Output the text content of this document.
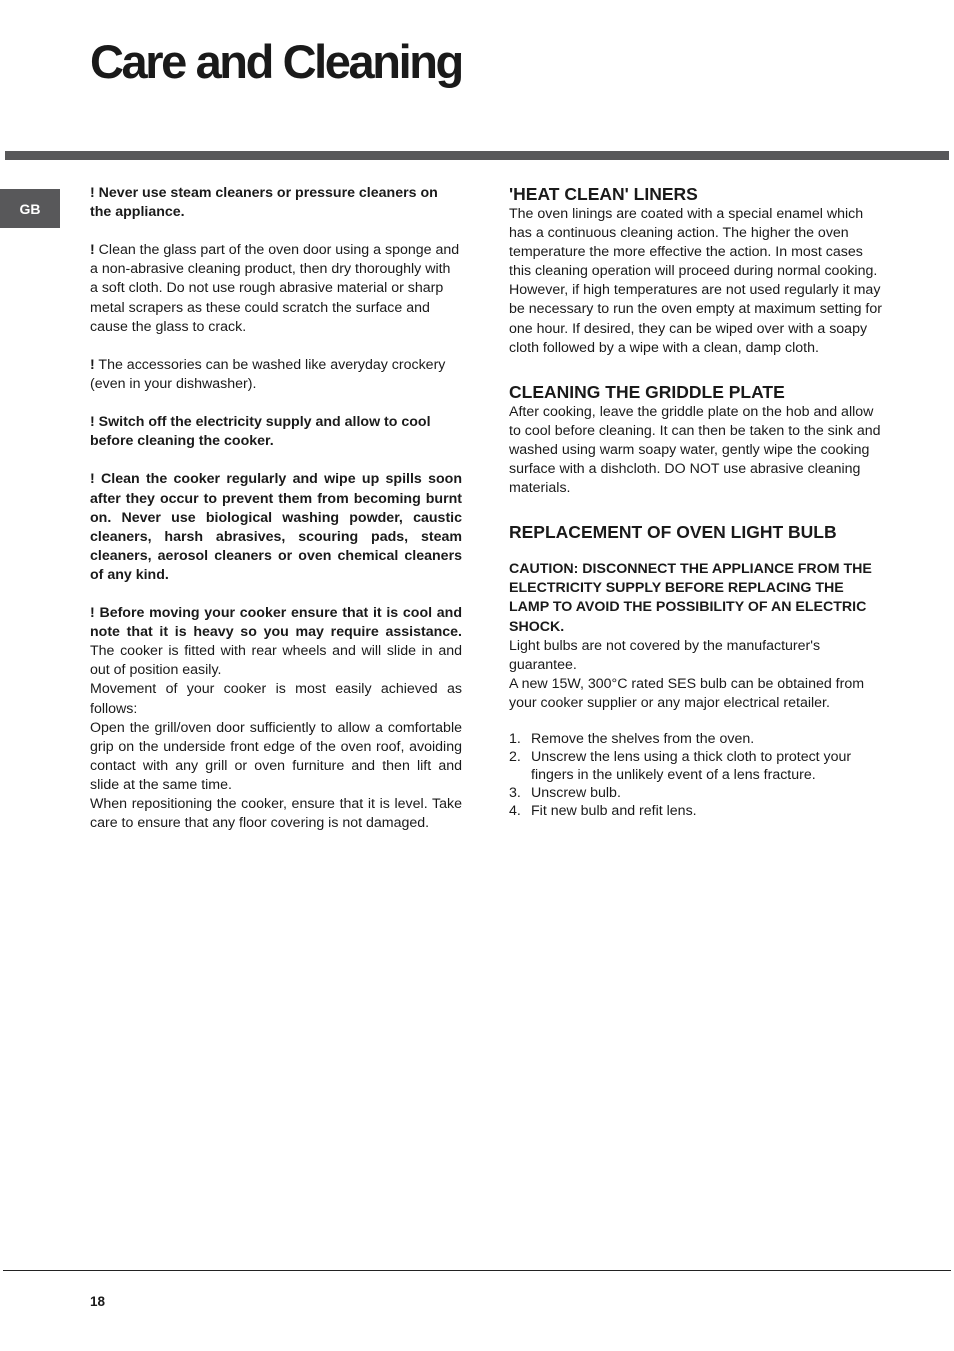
Care and Cleaning
GB

! Never use steam cleaners or pressure cleaners on the appliance.

! Clean the glass part of the oven door using a sponge and a non-abrasive cleaning product, then dry thoroughly with a soft cloth. Do not use rough abrasive material or sharp metal scrapers as these could scratch the surface and cause the glass to crack.

! The accessories can be washed like averyday crockery (even in your dishwasher).

! Switch off the electricity supply and allow to cool before cleaning the cooker.

! Clean the cooker regularly and wipe up spills soon after they occur to prevent them from becoming burnt on. Never use biological washing powder, caustic cleaners, harsh abrasives, scouring pads, steam cleaners, aerosol cleaners or oven chemical cleaners of any kind.

! Before moving your cooker ensure that it is cool and note that it is heavy so you may require assistance. The cooker is fitted with rear wheels and will slide in and out of position easily.
Movement of your cooker is most easily achieved as follows:
Open the grill/oven door sufficiently to allow a comfortable grip on the underside front edge of the oven roof, avoiding contact with any grill or oven furniture and then lift and slide at the same time.
When repositioning the cooker, ensure that it is level. Take care to ensure that any floor covering is not damaged.
'HEAT CLEAN' LINERS
The oven linings are coated with a special enamel which has a continuous cleaning action. The higher the oven temperature the more effective the action. In most cases this cleaning operation will proceed during normal cooking.
However, if high temperatures are not used regularly it may be necessary to run the oven empty at maximum setting for one hour. If desired, they can be wiped over with a soapy cloth followed by a wipe with a clean, damp cloth.
CLEANING THE GRIDDLE PLATE
After cooking, leave the griddle plate on the hob and allow to cool before cleaning. It can then be taken to the sink and washed using warm soapy water, gently wipe the cooking surface with a dishcloth. DO NOT use abrasive cleaning materials.
REPLACEMENT OF OVEN LIGHT BULB
CAUTION: DISCONNECT THE APPLIANCE FROM THE ELECTRICITY SUPPLY BEFORE REPLACING THE LAMP TO AVOID THE POSSIBILITY OF AN ELECTRIC SHOCK.
Light bulbs are not covered by the manufacturer's guarantee.
A new 15W, 300°C rated SES bulb can be obtained from your cooker supplier or any major electrical retailer.
1. Remove the shelves from the oven.
2. Unscrew the lens using a thick cloth to protect your fingers in the unlikely event of a lens fracture.
3. Unscrew bulb.
4. Fit new bulb and refit lens.
18
